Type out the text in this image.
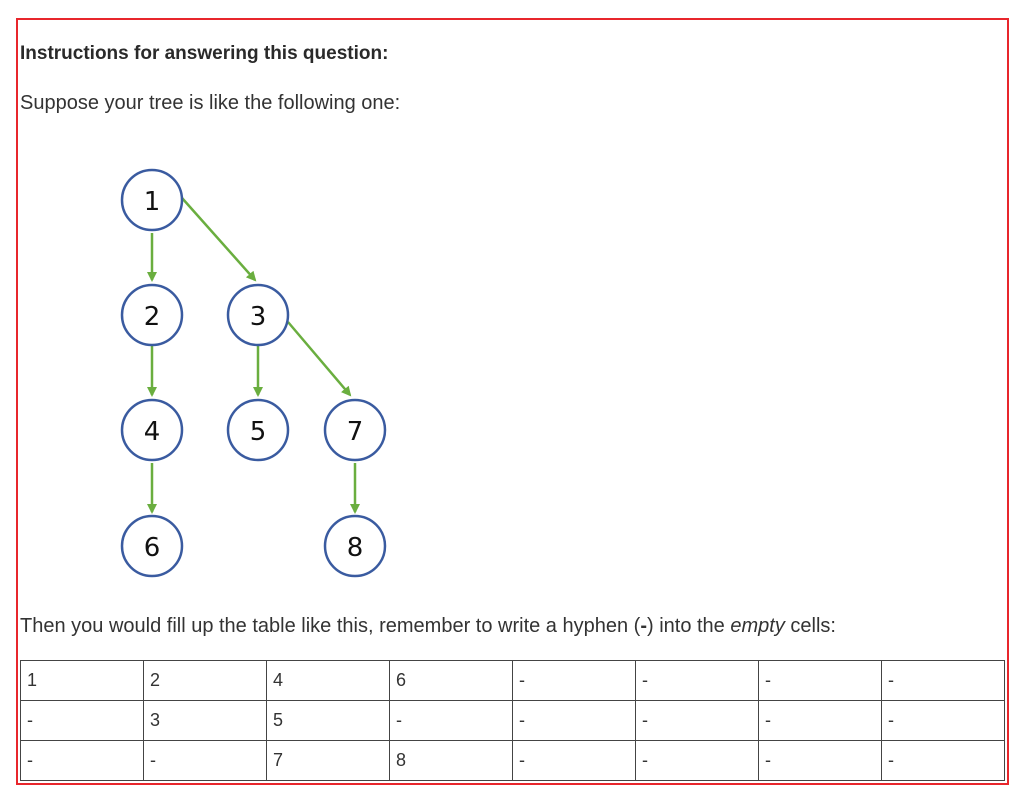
Instructions for answering this question:

Suppose your tree is like the following one:

1
2	3
4	5	7
6	8

Then you would fill up the table like this, remember to write a hyphen (-) into the empty cells:

1	2	4	6	-	-	-	-
-	3	5	-	-	-	-	-
-	-	7	8	-	-	-	-
